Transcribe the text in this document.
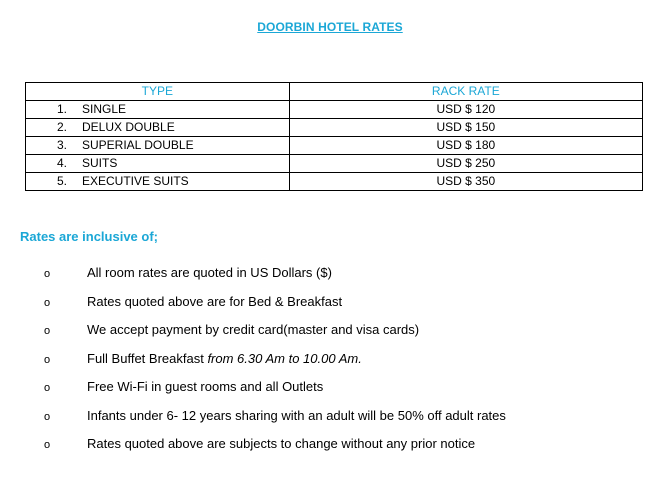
DOORBIN HOTEL RATES
TYPE	RACK RATE
1. SINGLE	USD $ 120
2. DELUX DOUBLE	USD $ 150
3. SUPERIAL DOUBLE	USD $ 180
4. SUITS	USD $ 250
5. EXECUTIVE SUITS	USD $ 350
Rates are inclusive of;
o	All room rates are quoted in US Dollars ($)
o	Rates quoted above are for Bed & Breakfast
o	We accept payment by credit card(master and visa cards)
o	Full Buffet Breakfast from 6.30 Am to 10.00 Am.
o	Free Wi-Fi in guest rooms and all Outlets
o	Infants under 6- 12 years sharing with an adult will be 50% off adult rates
o	Rates quoted above are subjects to change without any prior notice
